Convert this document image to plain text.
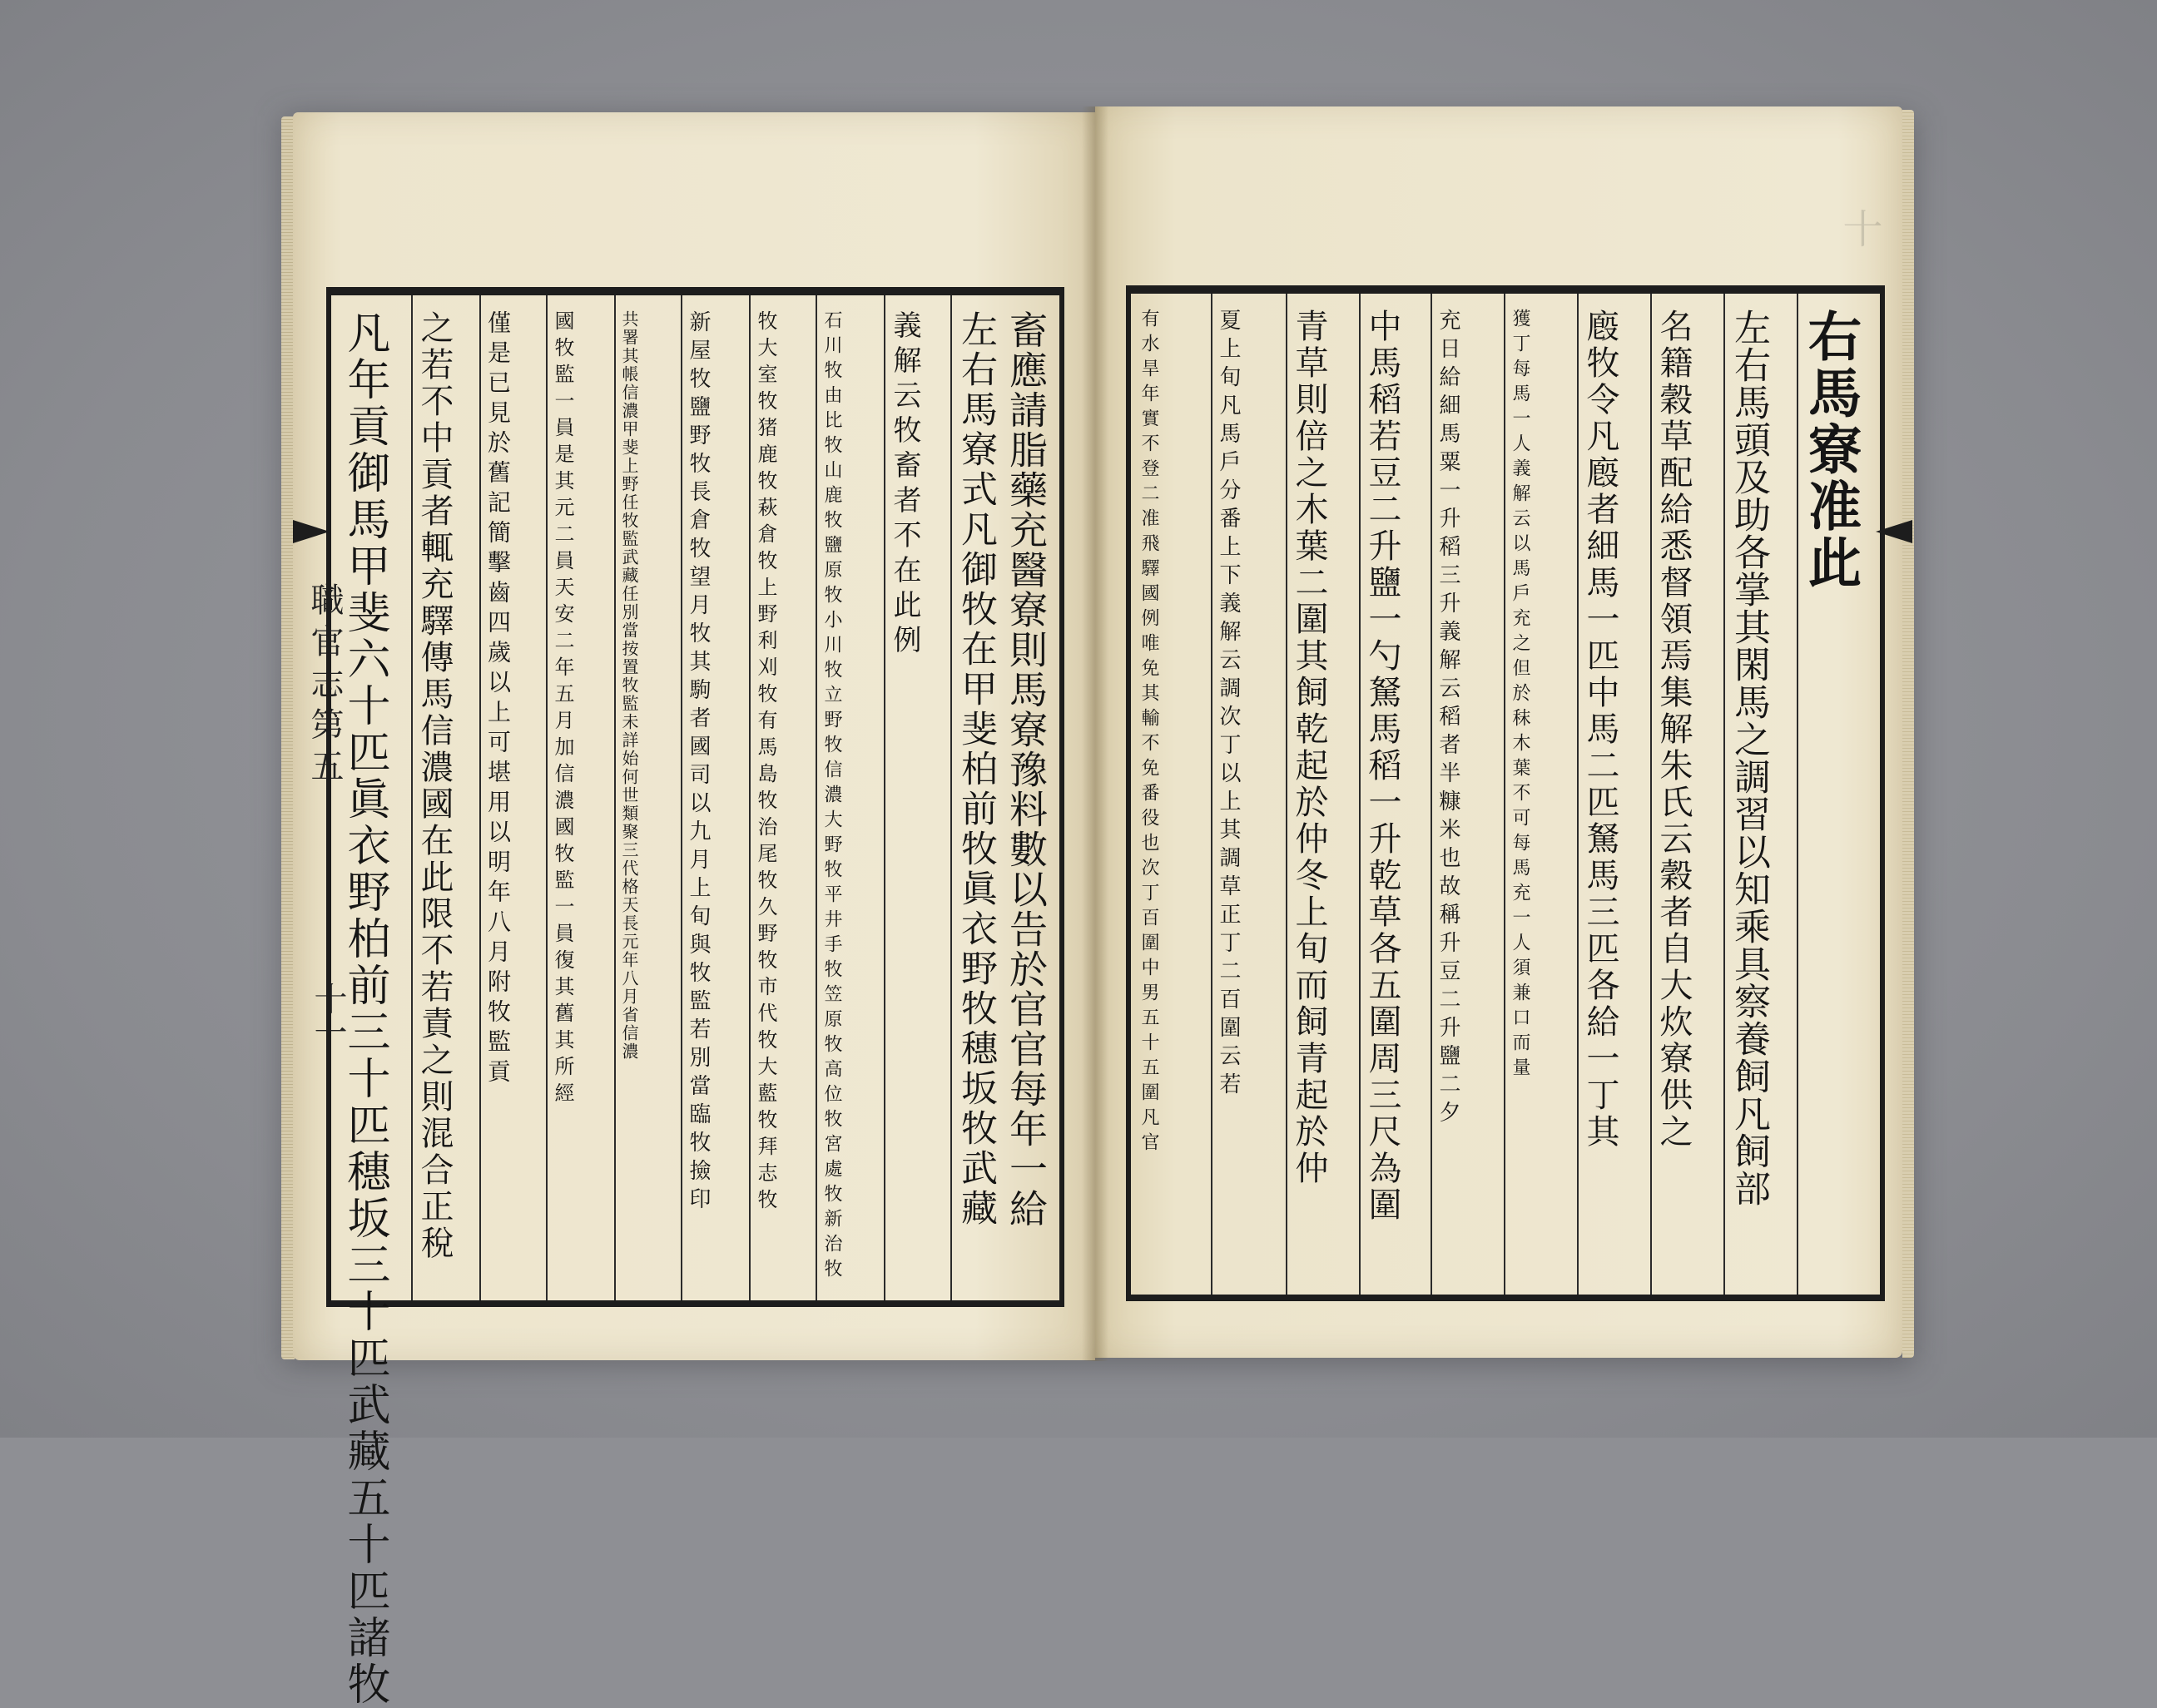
職官志第五
十一
凡年貢御馬甲斐六十匹眞衣野柏前三十匹穗坂三十匹武藏五十匹諸牧 之若不中貢者輒充驛傳馬信濃國在此限不若責之則混合正稅 僅是已見於舊記簡擊齒四歲以上可堪用以明年八月附牧監貢 國牧監一員是其元二員天安二年五月加信濃國牧監一員復其舊其所經	共署其帳信濃甲斐上野任牧監武藏任別當按置牧監未詳始何世類聚三代格天長元年八月省信濃 新屋牧鹽野牧長倉牧望月牧其駒者國司以九月上旬與牧監若別當臨牧撿印 牧大室牧猪鹿牧萩倉牧上野利刈牧有馬島牧治尾牧久野牧市代牧大藍牧拜志牧 石川牧由比牧山鹿牧鹽原牧小川牧立野牧信濃大野牧平井手牧笠原牧高位牧宮處牧新治牧 義解云牧畜者不在此例 左右馬寮式凡御牧在甲斐柏前牧眞衣野牧穗坂牧武藏 畜應請脂藥充醫寮則馬寮豫料數以告於官官每年一給	有水旱年實不登二准飛驛國例唯免其輸不免番役也次丁百圍中男五十五圍凡官	夏上旬凡馬戶分番上下義解云調次丁以上其調草正丁二百圍云若 青草則倍之木葉二圍其飼乾起於仲冬上旬而飼青起於仲 中馬稻若豆二升鹽一勺駑馬稻一升乾草各五圍周三尺為圍 充日給細馬粟一升稻三升義解云稻者半糠米也故稱升豆二升鹽二夕	獲丁每馬一人義解云以馬戶充之但於秣木葉不可每馬充一人須兼口而量 廏牧令凡廏者細馬一匹中馬二匹駑馬三匹各給一丁其 名籍穀草配給悉督領焉集解朱氏云穀者自大炊寮供之 左右馬頭及助各掌其閑馬之調習以知乘具察養飼凡飼部 右馬寮准此
十
